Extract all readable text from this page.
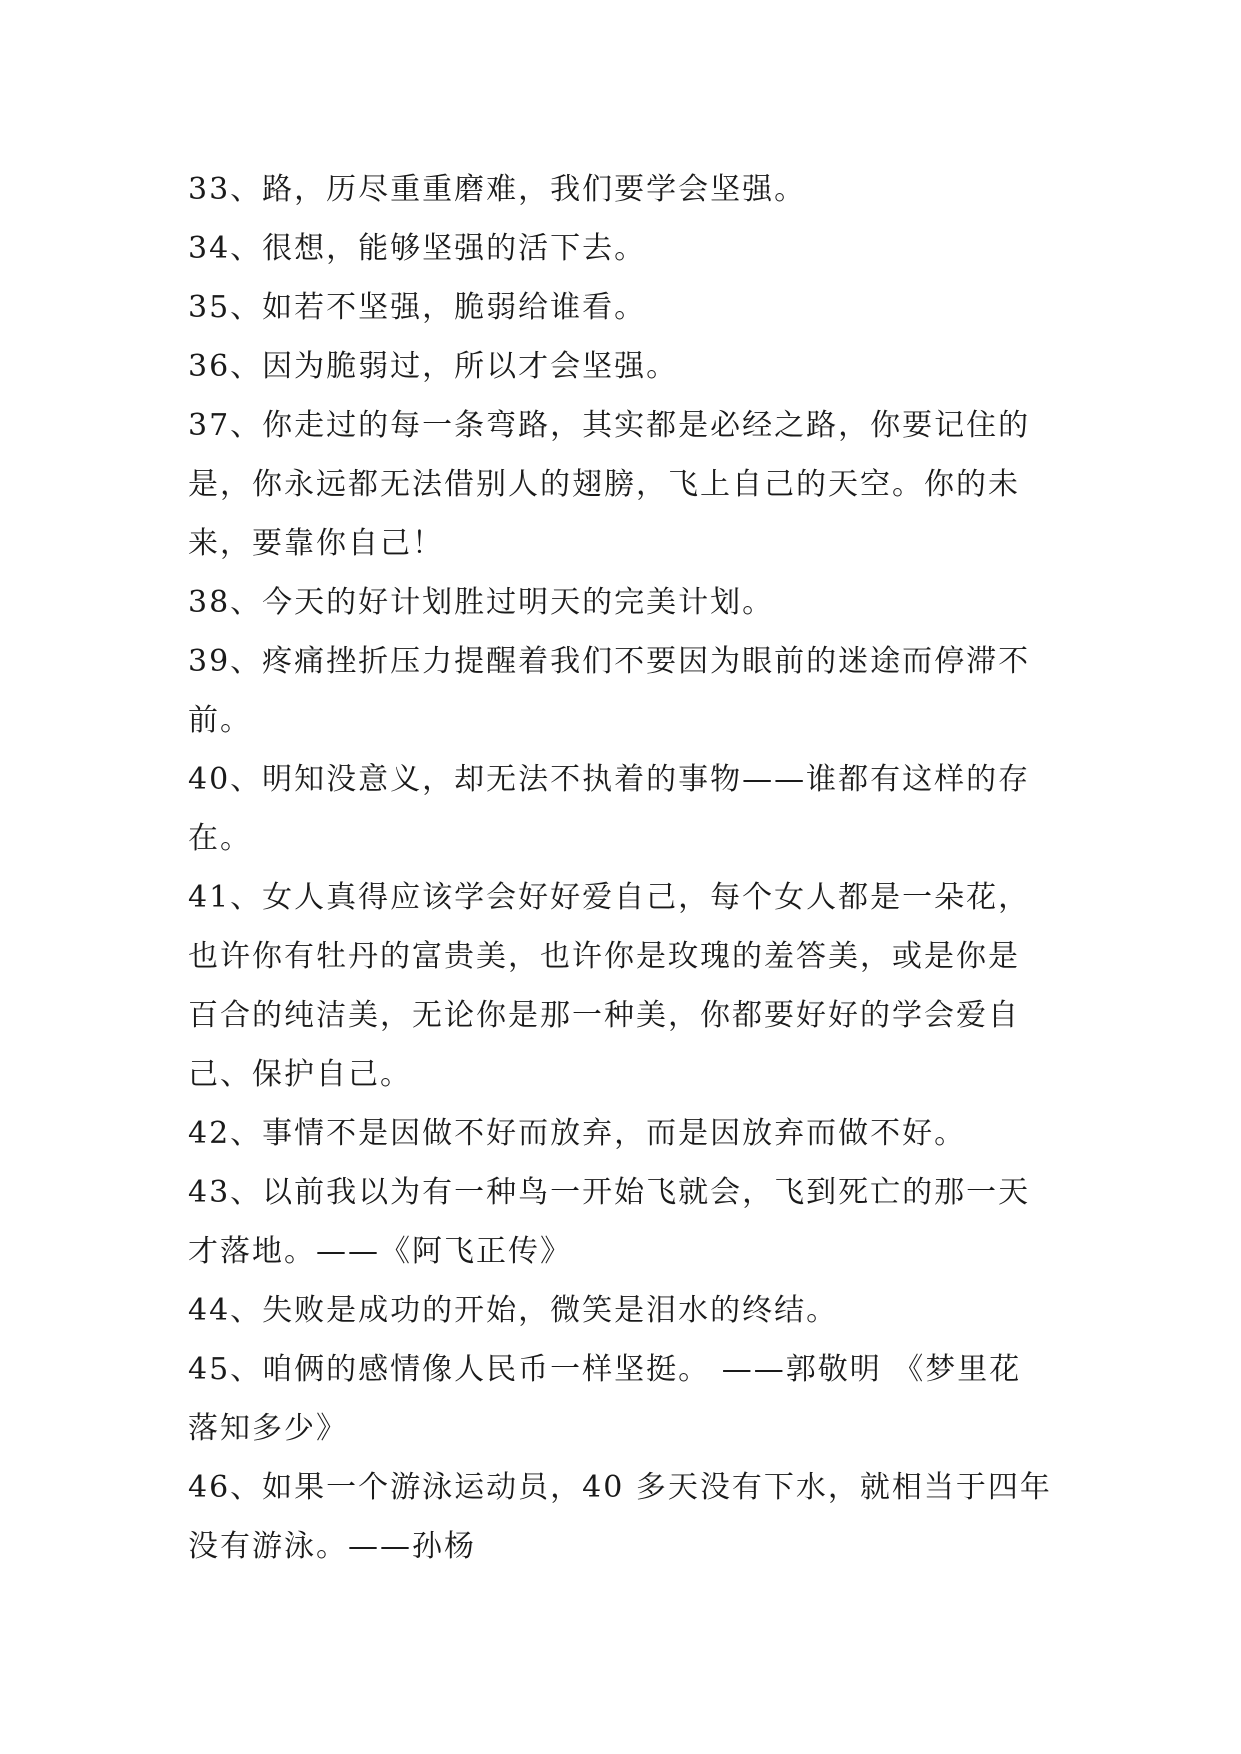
33、路，历尽重重磨难，我们要学会坚强。
34、很想，能够坚强的活下去。
35、如若不坚强，脆弱给谁看。
36、因为脆弱过，所以才会坚强。
37、你走过的每一条弯路，其实都是必经之路，你要记住的
是，你永远都无法借别人的翅膀，飞上自己的天空。你的未
来，要靠你自己！
38、今天的好计划胜过明天的完美计划。
39、疼痛挫折压力提醒着我们不要因为眼前的迷途而停滞不
前。
40、明知没意义，却无法不执着的事物——谁都有这样的存
在。
41、女人真得应该学会好好爱自己，每个女人都是一朵花，
也许你有牡丹的富贵美，也许你是玫瑰的羞答美，或是你是
百合的纯洁美，无论你是那一种美，你都要好好的学会爱自
己、保护自己。
42、事情不是因做不好而放弃，而是因放弃而做不好。
43、以前我以为有一种鸟一开始飞就会，飞到死亡的那一天
才落地。——《阿飞正传》
44、失败是成功的开始，微笑是泪水的终结。
45、咱俩的感情像人民币一样坚挺。 ——郭敬明 《梦里花
落知多少》
46、如果一个游泳运动员，40 多天没有下水，就相当于四年
没有游泳。——孙杨
